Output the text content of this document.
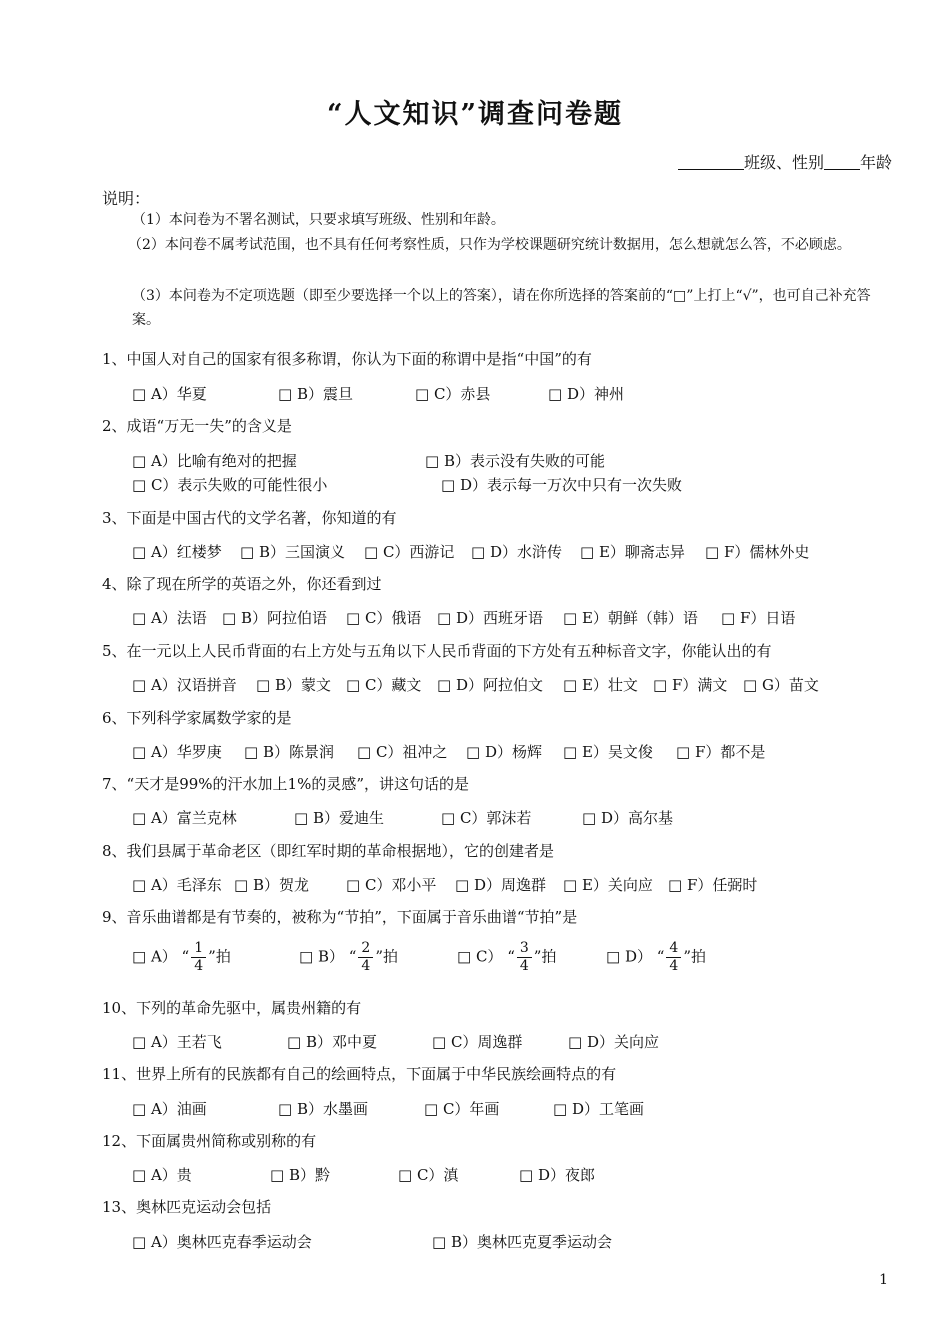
“人文知识”调查问卷题
班级、性别 年龄
说明：
（1）本问卷为不署名测试，只要求填写班级、性别和年龄。
（2）本问卷不属考试范围，也不具有任何考察性质，只作为学校课题研究统计数据用，怎么想就怎么答，不必顾虑。
（3）本问卷为不定项选题（即至少要选择一个以上的答案），请在你所选择的答案前的“□”上打上“√”，也可自己补充答案。
1、中国人对自己的国家有很多称谓，你认为下面的称谓中是指“中国”的有
□ A）华夏	□ B）震旦	□ C）赤县	□ D）神州
2、成语“万无一失”的含义是
□ A）比喻有绝对的把握	□ B）表示没有失败的可能
□ C）表示失败的可能性很小	□ D）表示每一万次中只有一次失败
3、下面是中国古代的文学名著，你知道的有
□ A）红楼梦 □ B）三国演义 □ C）西游记 □ D）水浒传 □ E）聊斋志异 □ F）儒林外史
4、除了现在所学的英语之外，你还看到过
□ A）法语 □ B）阿拉伯语 □ C）俄语 □ D）西班牙语 □ E）朝鲜（韩）语 □ F）日语
5、在一元以上人民币背面的右上方处与五角以下人民币背面的下方处有五种标音文字，你能认出的有
□ A）汉语拼音 □ B）蒙文 □ C）藏文 □ D）阿拉伯文 □ E）壮文 □ F）满文 □ G）苗文
6、下列科学家属数学家的是
□ A）华罗庚 □ B）陈景润 □ C）祖冲之 □ D）杨辉 □ E）吴文俊 □ F）都不是
7、“天才是99%的汗水加上1%的灵感”，讲这句话的是
□ A）富兰克林	□ B）爱迪生	□ C）郭沫若	□ D）高尔基
8、我们县属于革命老区（即红军时期的革命根据地），它的创建者是
□ A）毛泽东 □ B）贺龙 □ C）邓小平 □ D）周逸群 □ E）关向应 □ F）任弼时
9、音乐曲谱都是有节奏的，被称为“节拍”，下面属于音乐曲谱“节拍”是
□ A） “ $\frac{1}{4}$ ”拍	□ B） “ $\frac{2}{4}$ ”拍	□ C） “ $\frac{3}{4}$ ”拍	□ D） “ $\frac{4}{4}$ ”拍
10、下列的革命先驱中，属贵州籍的有
□ A）王若飞	□ B）邓中夏	□ C）周逸群	□ D）关向应
11、世界上所有的民族都有自己的绘画特点，下面属于中华民族绘画特点的有
□ A）油画	□ B）水墨画	□ C）年画	□ D）工笔画
12、下面属贵州简称或别称的有
□ A）贵	□ B）黔	□ C）滇	□ D）夜郎
13、奥林匹克运动会包括
□ A）奥林匹克春季运动会	□ B）奥林匹克夏季运动会
1
